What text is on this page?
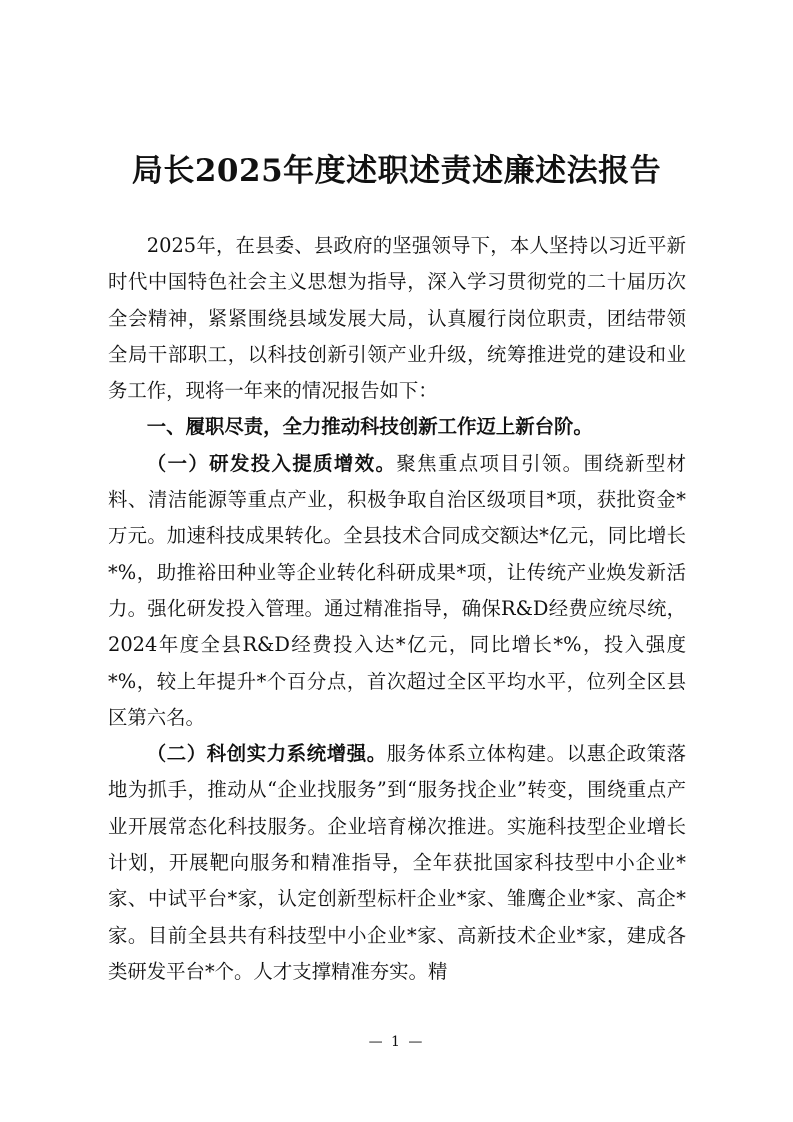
局长2025年度述职述责述廉述法报告

2025年，在县委、县政府的坚强领导下，本人坚持以习近平新时代中国特色社会主义思想为指导，深入学习贯彻党的二十届历次全会精神，紧紧围绕县域发展大局，认真履行岗位职责，团结带领全局干部职工，以科技创新引领产业升级，统筹推进党的建设和业务工作，现将一年来的情况报告如下：

一、履职尽责，全力推动科技创新工作迈上新台阶。

（一）研发投入提质增效。聚焦重点项目引领。围绕新型材料、清洁能源等重点产业，积极争取自治区级项目*项，获批资金*万元。加速科技成果转化。全县技术合同成交额达*亿元，同比增长*%，助推裕田种业等企业转化科研成果*项，让传统产业焕发新活力。强化研发投入管理。通过精准指导，确保R&D经费应统尽统，2024年度全县R&D经费投入达*亿元，同比增长*%，投入强度*%，较上年提升*个百分点，首次超过全区平均水平，位列全区县区第六名。

（二）科创实力系统增强。服务体系立体构建。以惠企政策落地为抓手，推动从“企业找服务”到“服务找企业”转变，围绕重点产业开展常态化科技服务。企业培育梯次推进。实施科技型企业增长计划，开展靶向服务和精准指导，全年获批国家科技型中小企业*家、中试平台*家，认定创新型标杆企业*家、雏鹰企业*家、高企*家。目前全县共有科技型中小企业*家、高新技术企业*家，建成各类研发平台*个。人才支撑精准夯实。精

— 1 —
